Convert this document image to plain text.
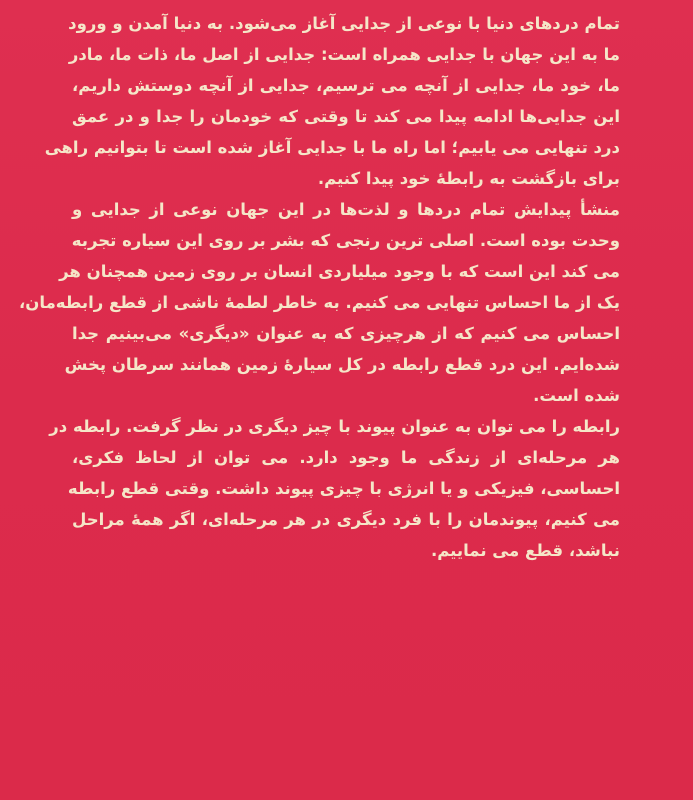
تمام دردهای دنیا با نوعی از جدایی آغاز می‌شود. به دنیا آمدن و ورود
ما به این جهان با جدایی همراه است: جدایی از اصل ما، ذات ما، مادر
ما، خود ما، جدایی از آنچه می ترسیم، جدایی از آنچه دوستش داریم،
این جدایی‌ها ادامه پیدا می کند تا وقتی که خودمان را جدا و در عمق
درد تنهایی می یابیم؛ اما راه ما با جدایی آغاز شده است تا بتوانیم راهی
برای بازگشت به رابطهٔ خود پیدا کنیم.
منشأ پیدایش تمام دردها و لذت‌ها در این جهان نوعی از جدایی و
وحدت بوده است. اصلی ترین رنجی که بشر بر روی این سیاره تجربه
می کند این است که با وجود میلیاردی انسان بر روی زمین همچنان هر
یک از ما احساس تنهایی می کنیم. به خاطر لطمهٔ ناشی از قطع رابطه‌مان،
احساس می کنیم که از هرچیزی که به عنوان «دیگری» می‌بینیم جدا
شده‌ایم. این درد قطع رابطه در کل سیارهٔ زمین همانند سرطان پخش
شده است.
رابطه را می توان به عنوان پیوند با چیز دیگری در نظر گرفت. رابطه در
هر مرحله‌ای از زندگی ما وجود دارد. می توان از لحاظ فکری،
احساسی، فیزیکی و یا انرژی با چیزی پیوند داشت. وقتی قطع رابطه
می کنیم، پیوندمان را با فرد دیگری در هر مرحله‌ای، اگر همهٔ مراحل
نباشد، قطع می نماییم.
